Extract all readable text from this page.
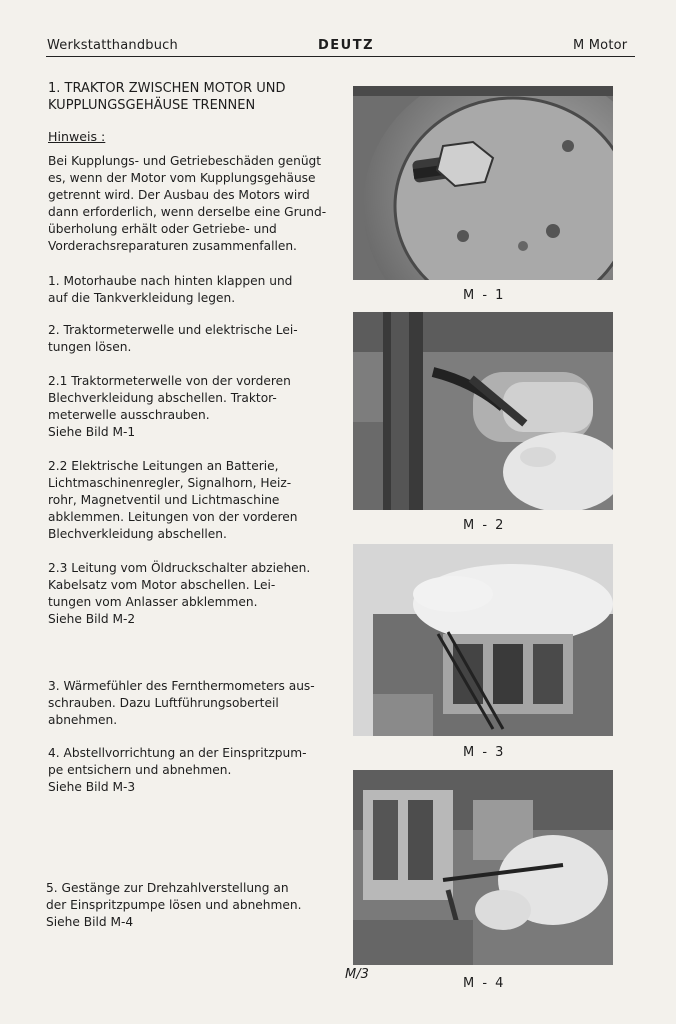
Werkstatthandbuch	DEUTZ	M Motor
1. TRAKTOR ZWISCHEN MOTOR UND
KUPPLUNGSGEHÄUSE TRENNEN
Hinweis :
Bei Kupplungs- und Getriebeschäden genügt
es, wenn der Motor vom Kupplungsgehäuse
getrennt wird. Der Ausbau des Motors wird
dann erforderlich, wenn derselbe eine Grund-
überholung erhält oder Getriebe- und
Vorderachsreparaturen zusammenfallen.
1. Motorhaube nach hinten klappen und
auf die Tankverkleidung legen.
2. Traktormeterwelle und elektrische Lei-
tungen lösen.
2.1 Traktormeterwelle von der vorderen
Blechverkleidung abschellen. Traktor-
meterwelle ausschrauben.
Siehe Bild M-1
2.2 Elektrische Leitungen an Batterie,
Lichtmaschinenregler, Signalhorn, Heiz-
rohr, Magnetventil und Lichtmaschine
abklemmen. Leitungen von der vorderen
Blechverkleidung abschellen.
2.3 Leitung vom Öldruckschalter abziehen.
Kabelsatz vom Motor abschellen. Lei-
tungen vom Anlasser abklemmen.
Siehe Bild M-2
3. Wärmefühler des Fernthermometers aus-
schrauben. Dazu Luftführungsoberteil
abnehmen.
4. Abstellvorrichtung an der Einspritzpum-
pe entsichern und abnehmen.
Siehe Bild M-3
5. Gestänge zur Drehzahlverstellung an
der Einspritzpumpe lösen und abnehmen.
Siehe Bild M-4
M - 1
M - 2
M - 3
M - 4
M/3
